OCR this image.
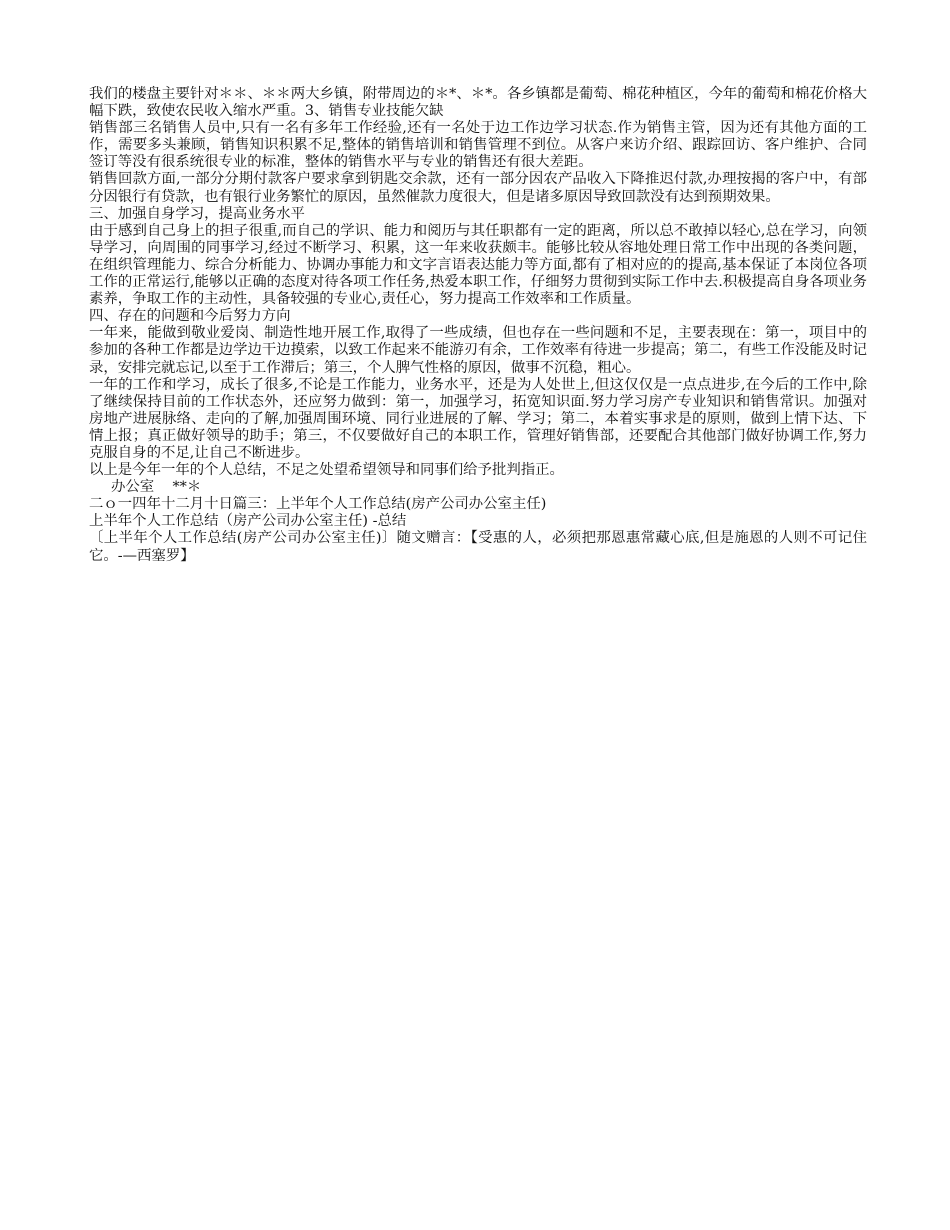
我们的楼盘主要针对＊＊、＊＊两大乡镇，附带周边的＊*、＊*。各乡镇都是葡萄、棉花种植区，今年的葡萄和棉花价格大幅下跌，致使农民收入缩水严重。3、销售专业技能欠缺

销售部三名销售人员中,只有一名有多年工作经验,还有一名处于边工作边学习状态.作为销售主管，因为还有其他方面的工作，需要多头兼顾，销售知识积累不足,整体的销售培训和销售管理不到位。从客户来访介绍、跟踪回访、客户维护、合同签订等没有很系统很专业的标准，整体的销售水平与专业的销售还有很大差距。

销售回款方面,一部分分期付款客户要求拿到钥匙交余款，还有一部分因农产品收入下降推迟付款,办理按揭的客户中，有部分因银行有贷款，也有银行业务繁忙的原因，虽然催款力度很大，但是诸多原因导致回款没有达到预期效果。

三、加强自身学习，提高业务水平

由于感到自己身上的担子很重,而自己的学识、能力和阅历与其任职都有一定的距离，所以总不敢掉以轻心,总在学习，向领导学习，向周围的同事学习,经过不断学习、积累，这一年来收获颇丰。能够比较从容地处理日常工作中出现的各类问题，在组织管理能力、综合分析能力、协调办事能力和文字言语表达能力等方面,都有了相对应的的提高,基本保证了本岗位各项工作的正常运行,能够以正确的态度对待各项工作任务,热爱本职工作，仔细努力贯彻到实际工作中去.积极提高自身各项业务素养，争取工作的主动性，具备较强的专业心,责任心，努力提高工作效率和工作质量。

四、存在的问题和今后努力方向

一年来，能做到敬业爱岗、制造性地开展工作,取得了一些成绩，但也存在一些问题和不足，主要表现在：第一，项目中的参加的各种工作都是边学边干边摸索，以致工作起来不能游刃有余，工作效率有待进一步提高；第二，有些工作没能及时记录，安排完就忘记,以至于工作滞后；第三，个人脾气性格的原因，做事不沉稳，粗心。

一年的工作和学习，成长了很多,不论是工作能力，业务水平，还是为人处世上,但这仅仅是一点点进步,在今后的工作中,除了继续保持目前的工作状态外，还应努力做到：第一，加强学习，拓宽知识面.努力学习房产专业知识和销售常识。加强对房地产进展脉络、走向的了解,加强周围环境、同行业进展的了解、学习；第二，本着实事求是的原则，做到上情下达、下情上报；真正做好领导的助手；第三，不仅要做好自己的本职工作，管理好销售部，还要配合其他部门做好协调工作,努力克服自身的不足,让自己不断进步。

以上是今年一年的个人总结，不足之处望希望领导和同事们给予批判指正。

办公室    **＊

二ｏ一四年十二月十日篇三：上半年个人工作总结(房产公司办公室主任)

上半年个人工作总结（房产公司办公室主任) -总结

〔上半年个人工作总结(房产公司办公室主任)〕随文赠言：【受惠的人，必须把那恩惠常藏心底,但是施恩的人则不可记住它。-—西塞罗】
